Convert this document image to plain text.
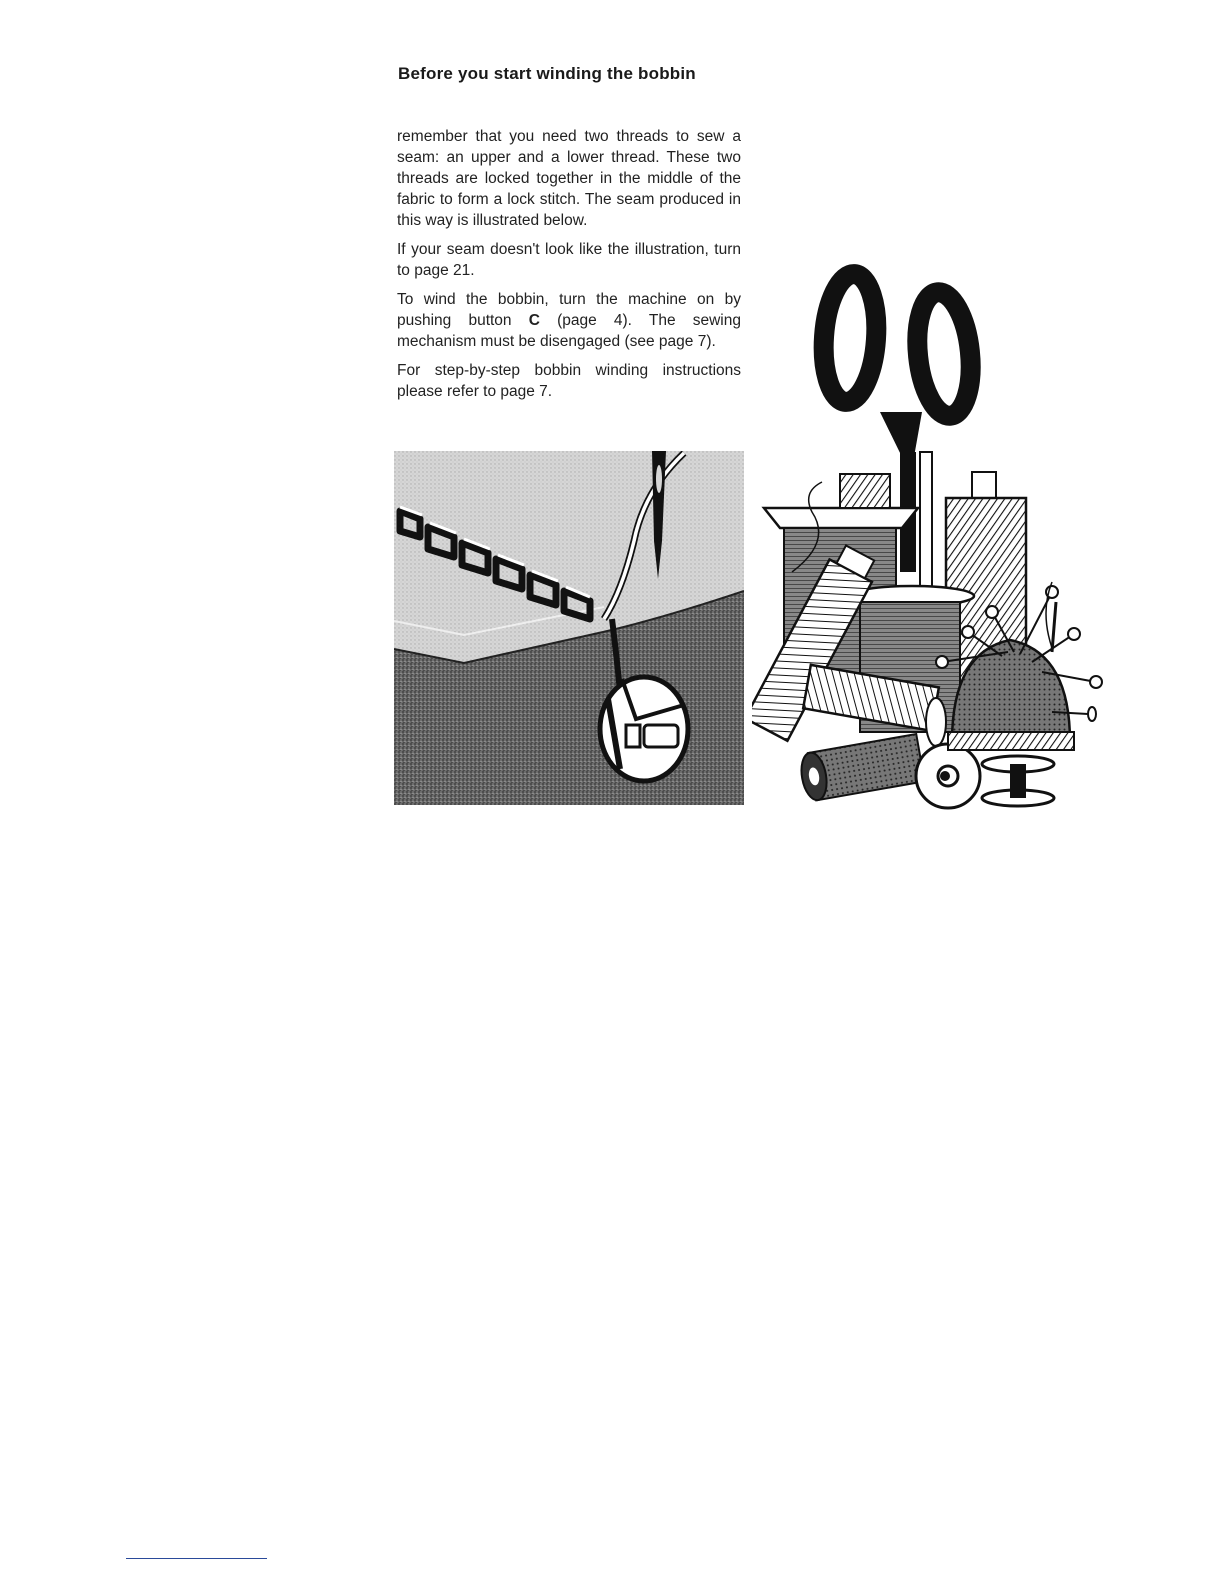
Before you start winding the bobbin

remember that you need two threads to sew a seam: an upper and a lower thread. These two threads are locked together in the middle of the fabric to form a lock stitch. The seam produced in this way is illustrated below.

If your seam doesn't look like the illustration, turn to page 21.

To wind the bobbin, turn the machine on by pushing button C (page 4). The sewing mechanism must be disengaged (see page 7).

For step-by-step bobbin winding instructions please refer to page 7.
